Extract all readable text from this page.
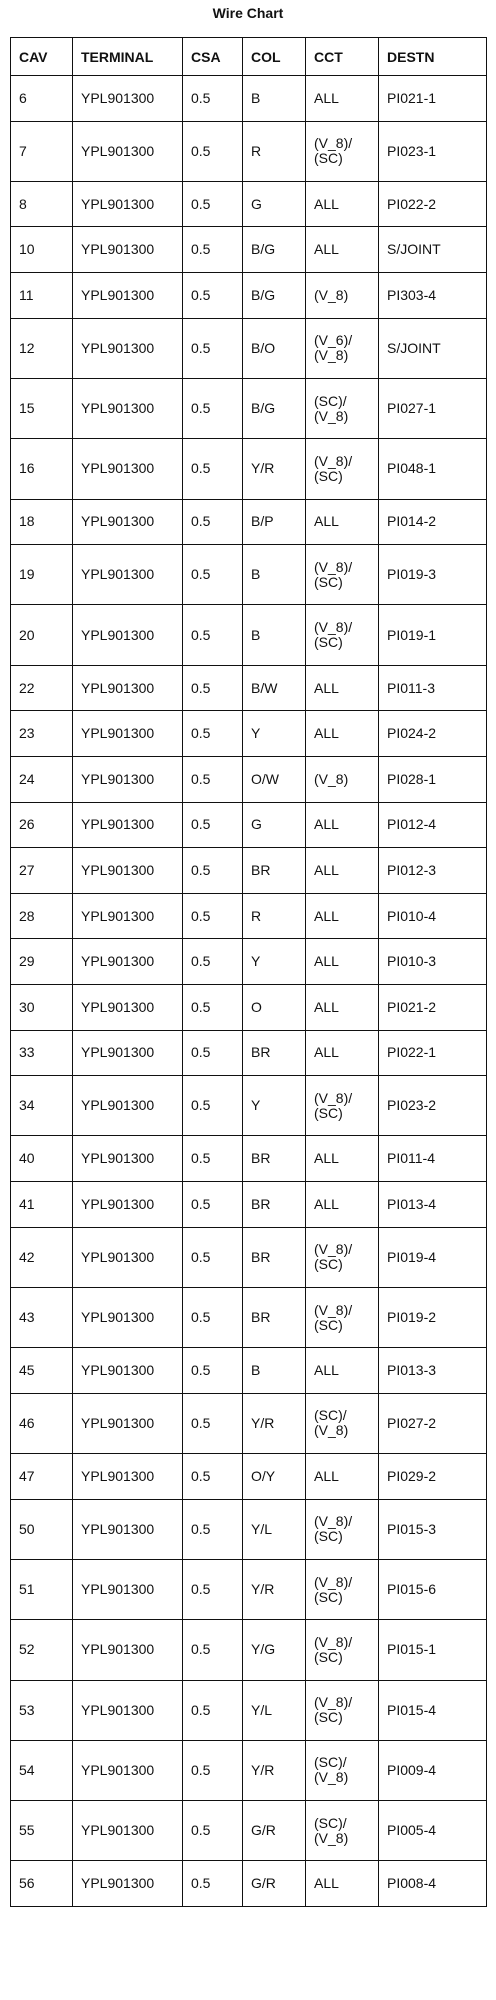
Wire Chart
CAV	TERMINAL	CSA	COL	CCT	DESTN
6	YPL901300	0.5	B	ALL	PI021-1
7	YPL901300	0.5	R	(V_8)/
(SC)	PI023-1
8	YPL901300	0.5	G	ALL	PI022-2
10	YPL901300	0.5	B/G	ALL	S/JOINT
11	YPL901300	0.5	B/G	(V_8)	PI303-4
12	YPL901300	0.5	B/O	(V_6)/
(V_8)	S/JOINT
15	YPL901300	0.5	B/G	(SC)/
(V_8)	PI027-1
16	YPL901300	0.5	Y/R	(V_8)/
(SC)	PI048-1
18	YPL901300	0.5	B/P	ALL	PI014-2
19	YPL901300	0.5	B	(V_8)/
(SC)	PI019-3
20	YPL901300	0.5	B	(V_8)/
(SC)	PI019-1
22	YPL901300	0.5	B/W	ALL	PI011-3
23	YPL901300	0.5	Y	ALL	PI024-2
24	YPL901300	0.5	O/W	(V_8)	PI028-1
26	YPL901300	0.5	G	ALL	PI012-4
27	YPL901300	0.5	BR	ALL	PI012-3
28	YPL901300	0.5	R	ALL	PI010-4
29	YPL901300	0.5	Y	ALL	PI010-3
30	YPL901300	0.5	O	ALL	PI021-2
33	YPL901300	0.5	BR	ALL	PI022-1
34	YPL901300	0.5	Y	(V_8)/
(SC)	PI023-2
40	YPL901300	0.5	BR	ALL	PI011-4
41	YPL901300	0.5	BR	ALL	PI013-4
42	YPL901300	0.5	BR	(V_8)/
(SC)	PI019-4
43	YPL901300	0.5	BR	(V_8)/
(SC)	PI019-2
45	YPL901300	0.5	B	ALL	PI013-3
46	YPL901300	0.5	Y/R	(SC)/
(V_8)	PI027-2
47	YPL901300	0.5	O/Y	ALL	PI029-2
50	YPL901300	0.5	Y/L	(V_8)/
(SC)	PI015-3
51	YPL901300	0.5	Y/R	(V_8)/
(SC)	PI015-6
52	YPL901300	0.5	Y/G	(V_8)/
(SC)	PI015-1
53	YPL901300	0.5	Y/L	(V_8)/
(SC)	PI015-4
54	YPL901300	0.5	Y/R	(SC)/
(V_8)	PI009-4
55	YPL901300	0.5	G/R	(SC)/
(V_8)	PI005-4
56	YPL901300	0.5	G/R	ALL	PI008-4
